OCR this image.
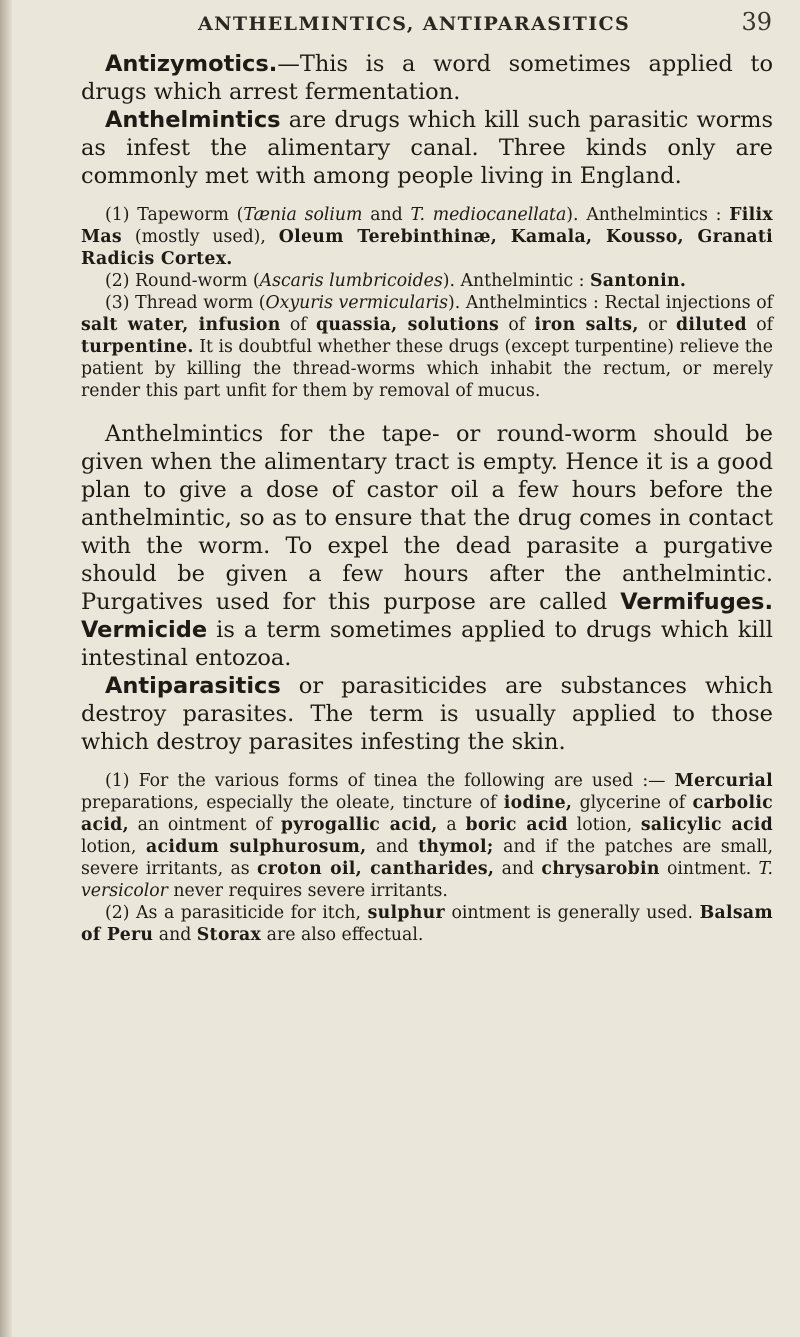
ANTHELMINTICS, ANTIPARASITICS	39

Antizymotics.—This is a word sometimes applied to drugs which arrest fermentation.

Anthelmintics are drugs which kill such parasitic worms as infest the alimentary canal. Three kinds only are commonly met with among people living in England.

(1) Tapeworm (Tænia solium and T. mediocanellata). Anthelmintics : Filix Mas (mostly used), Oleum Terebinthinæ, Kamala, Kousso, Granati Radicis Cortex.

(2) Round-worm (Ascaris lumbricoides). Anthelmintic : Santonin.

(3) Thread worm (Oxyuris vermicularis). Anthelmintics : Rectal injections of salt water, infusion of quassia, solutions of iron salts, or diluted of turpentine. It is doubtful whether these drugs (except turpentine) relieve the patient by killing the thread-worms which inhabit the rectum, or merely render this part unfit for them by removal of mucus.

Anthelmintics for the tape- or round-worm should be given when the alimentary tract is empty. Hence it is a good plan to give a dose of castor oil a few hours before the anthelmintic, so as to ensure that the drug comes in contact with the worm. To expel the dead parasite a purgative should be given a few hours after the anthelmintic. Purgatives used for this purpose are called Vermifuges. Vermicide is a term sometimes applied to drugs which kill intestinal entozoa.

Antiparasitics or parasiticides are substances which destroy parasites. The term is usually applied to those which destroy parasites infesting the skin.

(1) For the various forms of tinea the following are used :— Mercurial preparations, especially the oleate, tincture of iodine, glycerine of carbolic acid, an ointment of pyrogallic acid, a boric acid lotion, salicylic acid lotion, acidum sulphurosum, and thymol; and if the patches are small, severe irritants, as croton oil, cantharides, and chrysarobin ointment. T. versicolor never requires severe irritants.

(2) As a parasiticide for itch, sulphur ointment is generally used. Balsam of Peru and Storax are also effectual.
